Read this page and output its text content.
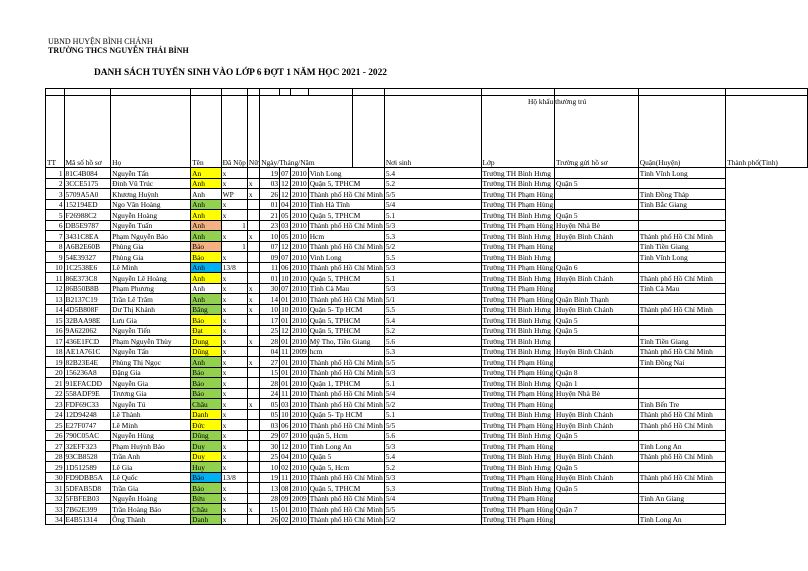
UBND HUYỆN BÌNH CHÁNH
TRƯỜNG THCS NGUYỄN THÁI BÌNH
DANH SÁCH TUYỂN SINH VÀO LỚP 6 ĐỢT 1 NĂM HỌC 2021 - 2022

TT	Mã số hồ sơ	Họ	Tên	Đã Nộp	Nữ	Ngày/Tháng/Năm					Nơi sinh	Lớp	Trường gửi hồ sơ	Quận(Huyện)	Thành phố(Tỉnh)
1	81C4B084	Nguyễn Tấn	An	x		19	07	2010	Vinh Long		5.4	Trường TH Bình Hưng		Tỉnh Vĩnh Long	
2	3CCE5175	Đinh Vũ Trúc	Anh	x	x	03	12	2010	Quận 5, TPHCM		5.2	Trường TH Bình Hưng	Quận 5		
3	5709A5A0	Khương Huỳnh	Anh	WP	x	26	12	2010	Thành phố Hồ Chí Minh		5/5	Trường TH Phạm Hùng		Tỉnh Đồng Tháp	
4	152194ED	Ngo Văn Hoàng	Anh	x		01	04	2010	Tỉnh Hà Tĩnh		5/4	Trường TH Phạm Hùng		Tỉnh Bắc Giang	
5	F26988C2	Nguyễn Hoàng	Anh	x		21	05	2010	Quận 5, TPHCM		5.1	Trường TH Bình Hưng	Quận 5		
6	DB5E9787	Nguyễn Tuấn	Anh	1		23	03	2010	Thành phố Hồ Chí Minh		5/3	Trường TH Phạm Hùng	Huyện Nhà Bè		
7	3431C8EA	Phạm Nguyễn Bảo	Anh	x	x	10	05	2010	Hcm		5.3	Trường TH Bình Hưng	Huyện Bình Chánh	Thành phố Hồ Chí Minh	
8	A6B2E60B	Phùng Gia	Bảo	1		07	12	2010	Thành phố Hồ Chí Minh		5/2	Trường TH Phạm Hùng		Tỉnh Tiền Giang	
9	54E39327	Phùng Gia	Bảo	x		09	07	2010	Vinh Long		5.5	Trường TH Bình Hưng		Tỉnh Vĩnh Long	
10	1C2538E6	Lê Minh	Anh	13/8		11	06	2010	Thành phố Hồ Chí Minh		5/3	Trường TH Phạm Hùng	Quận 6		
11	86E373C8	Nguyễn Lê Hoàng	Anh	x		01	10	2010	Quận 5, TPHCM		5.1	Trường TH Bình Hưng	Huyện Bình Chánh	Thành phố Hồ Chí Minh	
12	86B50B8B	Phạm Phương	Anh	x	x	30	07	2010	Tỉnh Cà Mau		5/3	Trường TH Phạm Hùng		Tỉnh Cà Mau	
13	B2137C19	Trần Lê Trâm	Anh	x	x	14	01	2010	Thành phố Hồ Chí Minh		5/1	Trường TH Phạm Hùng	Quận Bình Thạnh		
14	4D5B808F	Dư Thị Khánh	Băng	x	x	10	10	2010	Quận 5- Tp HCM		5.5	Trường TH Bình Hưng	Huyện Bình Chánh	Thành phố Hồ Chí Minh	
15	32BAA98E	Lưu Gia	Bảo	x		17	01	2010	Quận 5, TPHCM		5.4	Trường TH Bình Hưng	Quận 5		
16	9A622062	Nguyễn Tiến	Đạt	x		25	12	2010	Quận 5, TPHCM		5.2	Trường TH Bình Hưng	Quận 5		
17	436E1FCD	Phạm Nguyễn Thùy	Dung	x	x	28	01	2010	Mỹ Tho, Tiền Giang		5.6	Trường TH Bình Hưng		Tỉnh Tiền Giang	
18	AE1A761C	Nguyễn Tấn	Dũng	x		04	11	2009	hcm		5.3	Trường TH Bình Hưng	Huyện Bình Chánh	Thành phố Hồ Chí Minh	
19	82B23E4E	Phùng Thị Ngọc	Anh	x	x	27	01	2010	Thành phố Hồ Chí Minh		5/5	Trường TH Phạm Hùng		Tỉnh Đồng Nai	
20	156236A8	Đặng Gia	Bảo	x		15	01	2010	Thành phố Hồ Chí Minh		5/3	Trường TH Phạm Hùng	Quận 8		
21	91EFACDD	Nguyễn Gia	Bảo	x		28	01	2010	Quận 1, TPHCM		5.1	Trường TH Bình Hưng	Quận 1		
22	558ADF9E	Trương Gia	Bảo	x		24	11	2010	Thành phố Hồ Chí Minh		5/4	Trường TH Phạm Hùng	Huyện Nhà Bè		
23	FDF69C33	Nguyễn Tú	Châu	x	x	05	03	2010	Thành phố Hồ Chí Minh		5/2	Trường TH Phạm Hùng		Tỉnh Bến Tre	
24	12D94248	Lê Thành	Danh	x		05	10	2010	Quận 5- Tp HCM		5.1	Trường TH Bình Hưng	Huyện Bình Chánh	Thành phố Hồ Chí Minh	
25	E27F0747	Lê Minh	Đức	x		03	06	2010	Thành phố Hồ Chí Minh		5/5	Trường TH Phạm Hùng	Huyện Bình Chánh	Thành phố Hồ Chí Minh	
26	790C05AC	Nguyễn Hùng	Dũng	x		29	07	2010	quận 5, Hcm		5.6	Trường TH Bình Hưng	Quận 5		
27	32EFF323	Phạm Huỳnh Bảo	Duy	x		30	12	2010	Tỉnh Long An		5/3	Trường TH Phạm Hùng		Tỉnh Long An	
28	93CB8528	Trần Anh	Duy	x		25	04	2010	Quận 5		5.4	Trường TH Bình Hưng	Huyện Bình Chánh	Thành phố Hồ Chí Minh	
29	1D512589	Lê Gia	Huy	x		10	02	2010	Quận 5, Hcm		5.2	Trường TH Bình Hưng	Quận 5		
30	FD9DBB5A	Lê Quốc	Bảo	13/8		19	11	2010	Thành phố Hồ Chí Minh		5/3	Trường TH Phạm Hùng	Huyện Bình Chánh	Thành phố Hồ Chí Minh	
31	5DFAB5D8	Trần Gia	Bảo	x		13	08	2010	Quận 5, TPHCM		5.3	Trường TH Bình Hưng	Quận 5		
32	5FBFEB03	Nguyễn Hoàng	Bửu	x		28	09	2009	Thành phố Hồ Chí Minh		5/4	Trường TH Phạm Hùng		Tỉnh An Giang	
33	7B62E399	Trần Hoàng Bảo	Châu	x	x	15	01	2010	Thành phố Hồ Chí Minh		5/5	Trường TH Phạm Hùng	Quận 7		
34	E4B51314	Ông Thành	Danh	x		26	02	2010	Thành phố Hồ Chí Minh		5/2	Trường TH Phạm Hùng		Tỉnh Long An	
Hộ khẩu thường trú
